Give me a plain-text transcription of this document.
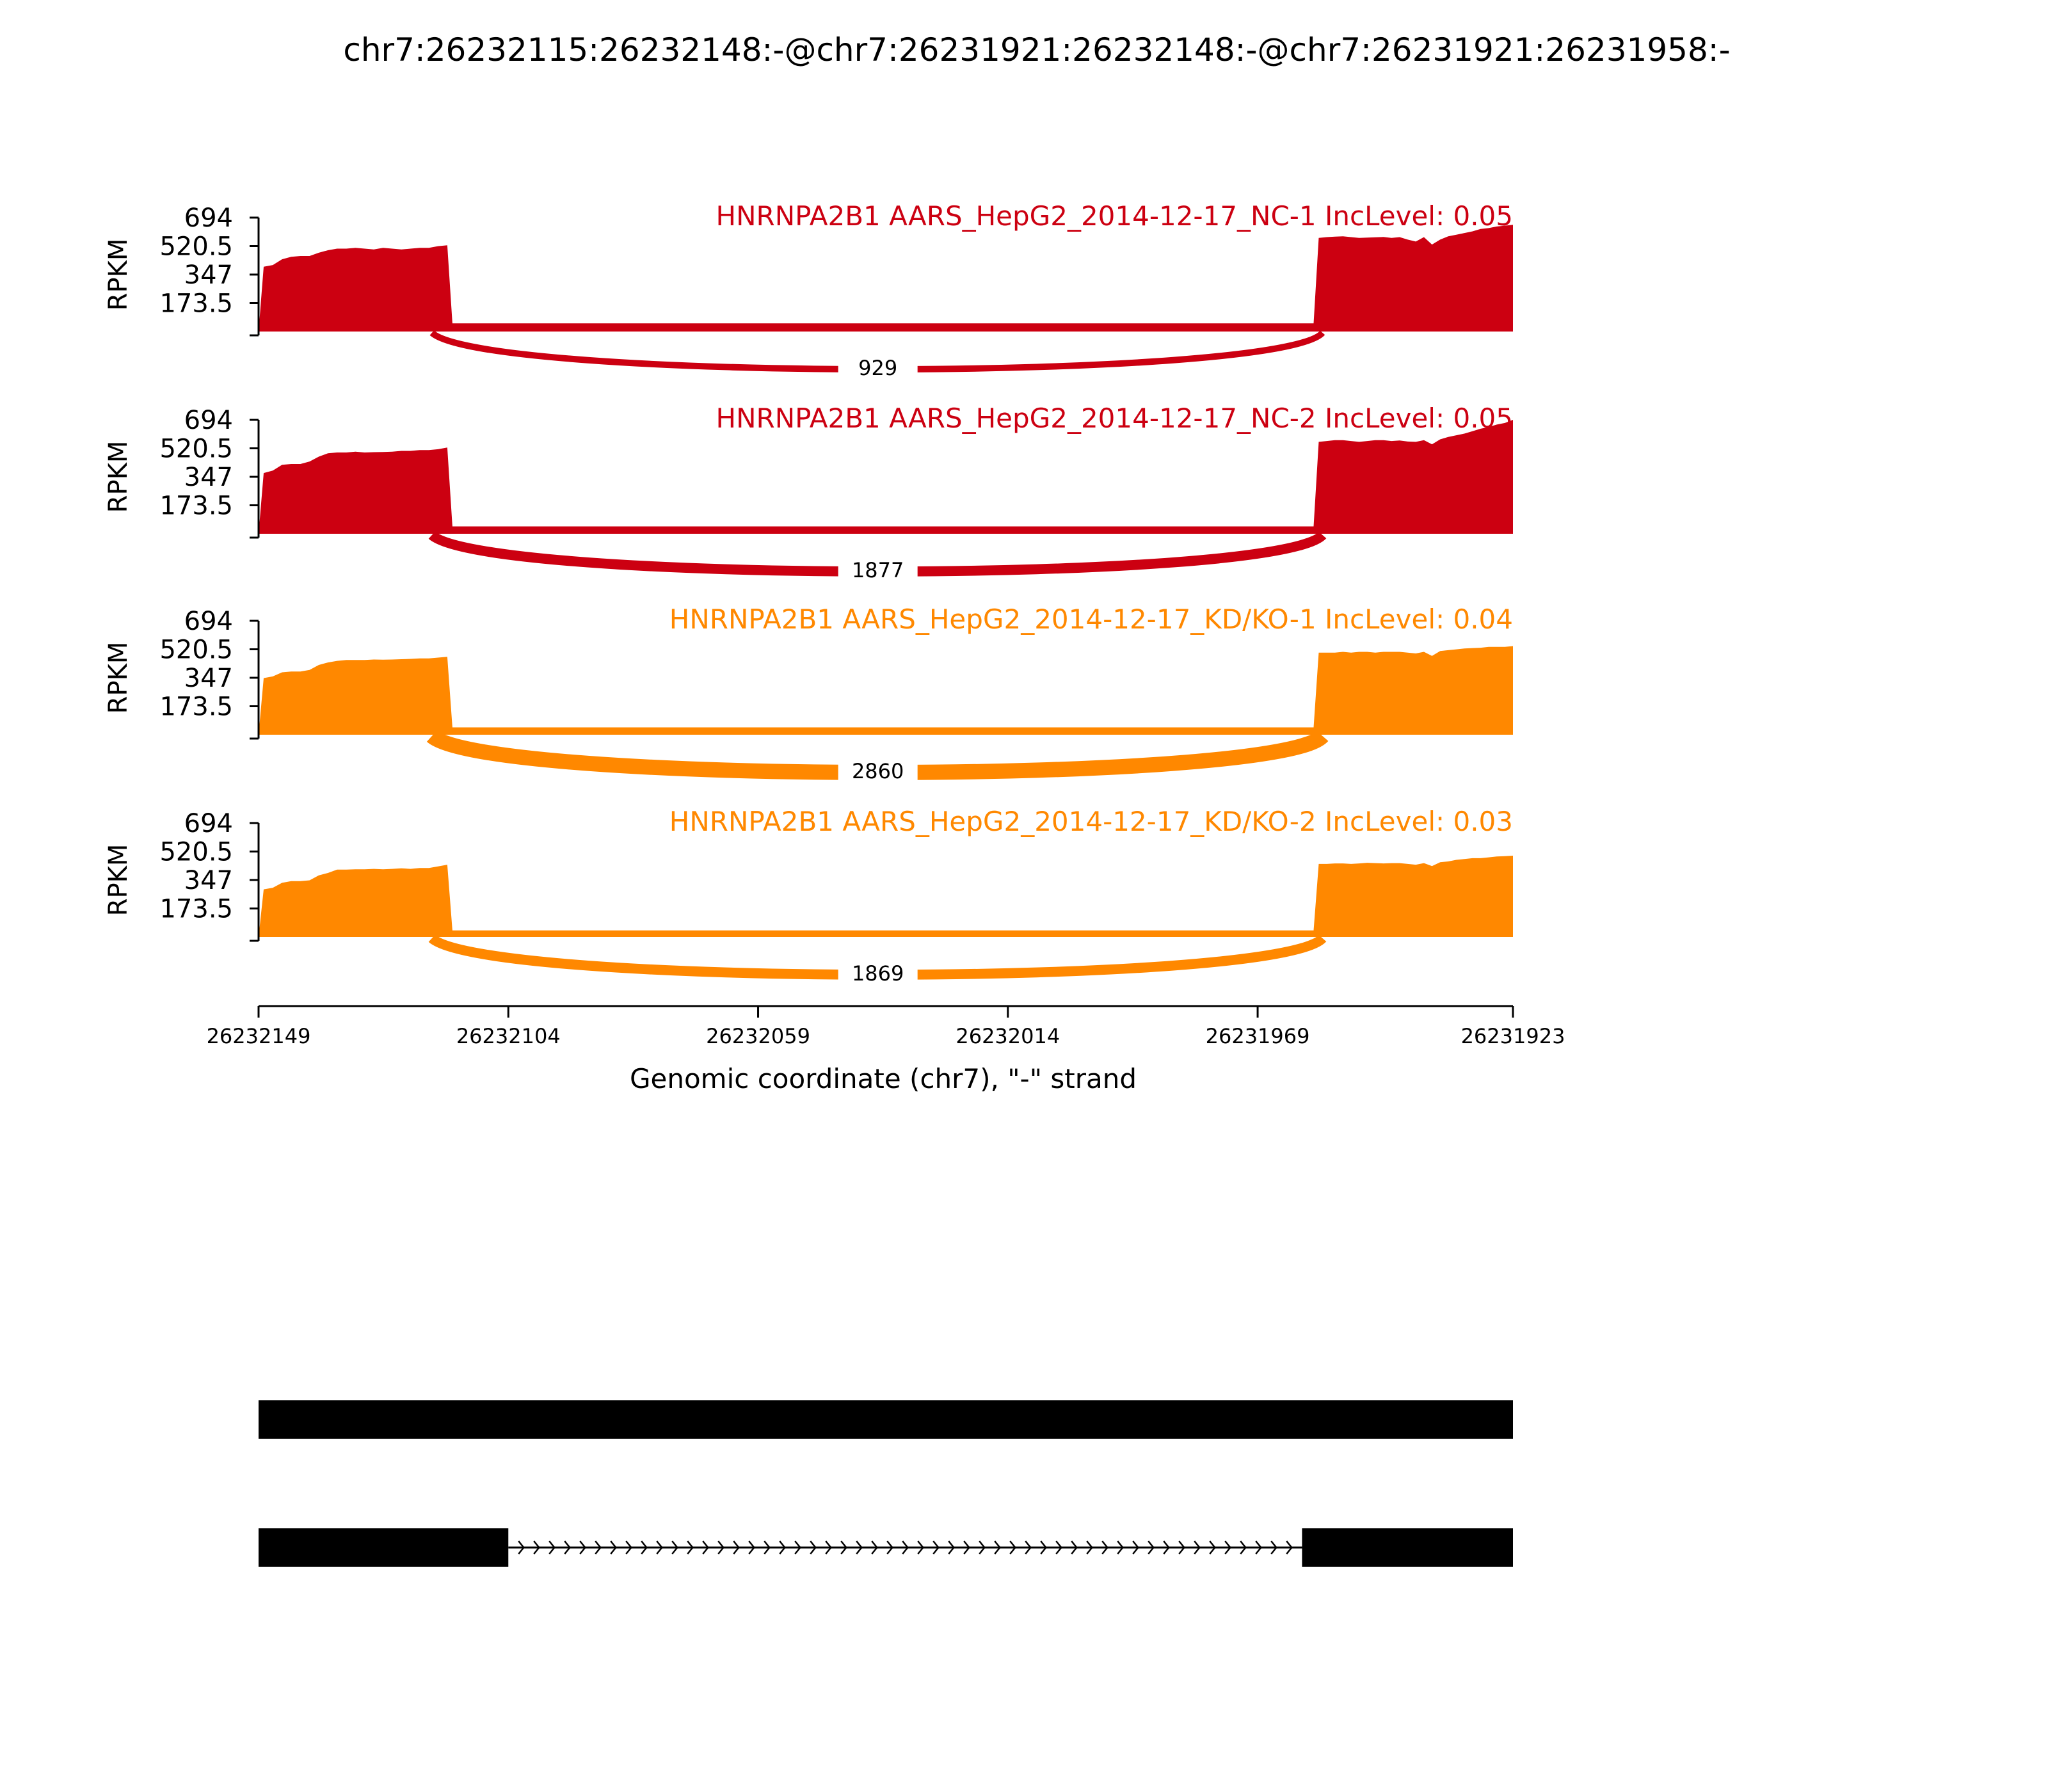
chr7:26232115:26232148:-@chr7:26231921:26232148:-@chr7:26231921:26231958:-
694
520.5
347
173.5
RPKM
HNRNPA2B1 AARS_HepG2_2014-12-17_NC-1 IncLevel: 0.05
929
694
520.5
347
173.5
RPKM
HNRNPA2B1 AARS_HepG2_2014-12-17_NC-2 IncLevel: 0.05
1877
694
520.5
347
173.5
RPKM
HNRNPA2B1 AARS_HepG2_2014-12-17_KD/KO-1 IncLevel: 0.04
2860
694
520.5
347
173.5
RPKM
HNRNPA2B1 AARS_HepG2_2014-12-17_KD/KO-2 IncLevel: 0.03
1869
Genomic coordinate (chr7), "-" strand
26232149	26232104	26232059	26232014	26231969	26231923
